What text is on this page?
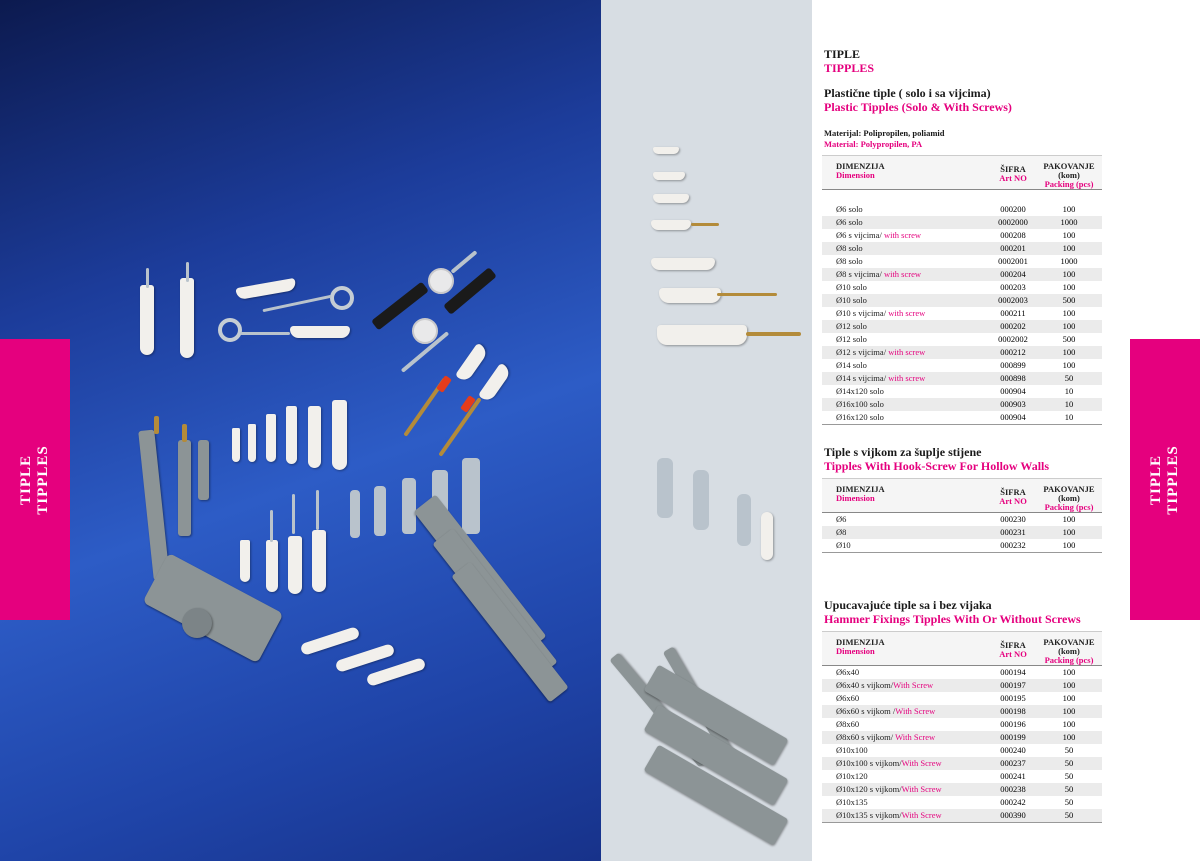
TIPLE TIPPLES	TIPLE TIPPLES
TIPLE
TIPPLES
Plastične tiple ( solo i sa vijcima)
Plastic Tipples (Solo & With Screws)
Materijal: Polipropilen, poliamid
Material: Polypropilen, PA
DIMENZIJA
Dimension	ŠIFRA
Art NO	PAKOVANJE (kom)
Packing (pcs)

Ø6 solo	000200	100
Ø6 solo	0002000	1000
Ø6 s vijcima/ with screw	000208	100
Ø8 solo	000201	100
Ø8 solo	0002001	1000
Ø8 s vijcima/ with screw	000204	100
Ø10 solo	000203	100
Ø10 solo	0002003	500
Ø10 s vijcima/ with screw	000211	100
Ø12 solo	000202	100
Ø12 solo	0002002	500
Ø12 s vijcima/ with screw	000212	100
Ø14 solo	000899	100
Ø14 s vijcima/ with screw	000898	50
Ø14x120 solo	000904	10
Ø16x100 solo	000903	10
Ø16x120 solo	000904	10
Tiple s vijkom za šuplje stijene
Tipples With Hook-Screw For Hollow Walls
DIMENZIJA
Dimension	ŠIFRA
Art NO	PAKOVANJE (kom)
Packing (pcs)

Ø6	000230	100
Ø8	000231	100
Ø10	000232	100
Upucavajuće tiple sa i bez vijaka
Hammer Fixings Tipples With Or Without Screws
DIMENZIJA
Dimension	ŠIFRA
Art NO	PAKOVANJE (kom)
Packing (pcs)

Ø6x40	000194	100
Ø6x40 s vijkom/With Screw	000197	100
Ø6x60	000195	100
Ø6x60 s vijkom /With Screw	000198	100
Ø8x60	000196	100
Ø8x60 s vijkom/ With Screw	000199	100
Ø10x100	000240	50
Ø10x100 s vijkom/With Screw	000237	50
Ø10x120	000241	50
Ø10x120 s vijkom/With Screw	000238	50
Ø10x135	000242	50
Ø10x135 s vijkom/With Screw	000390	50
